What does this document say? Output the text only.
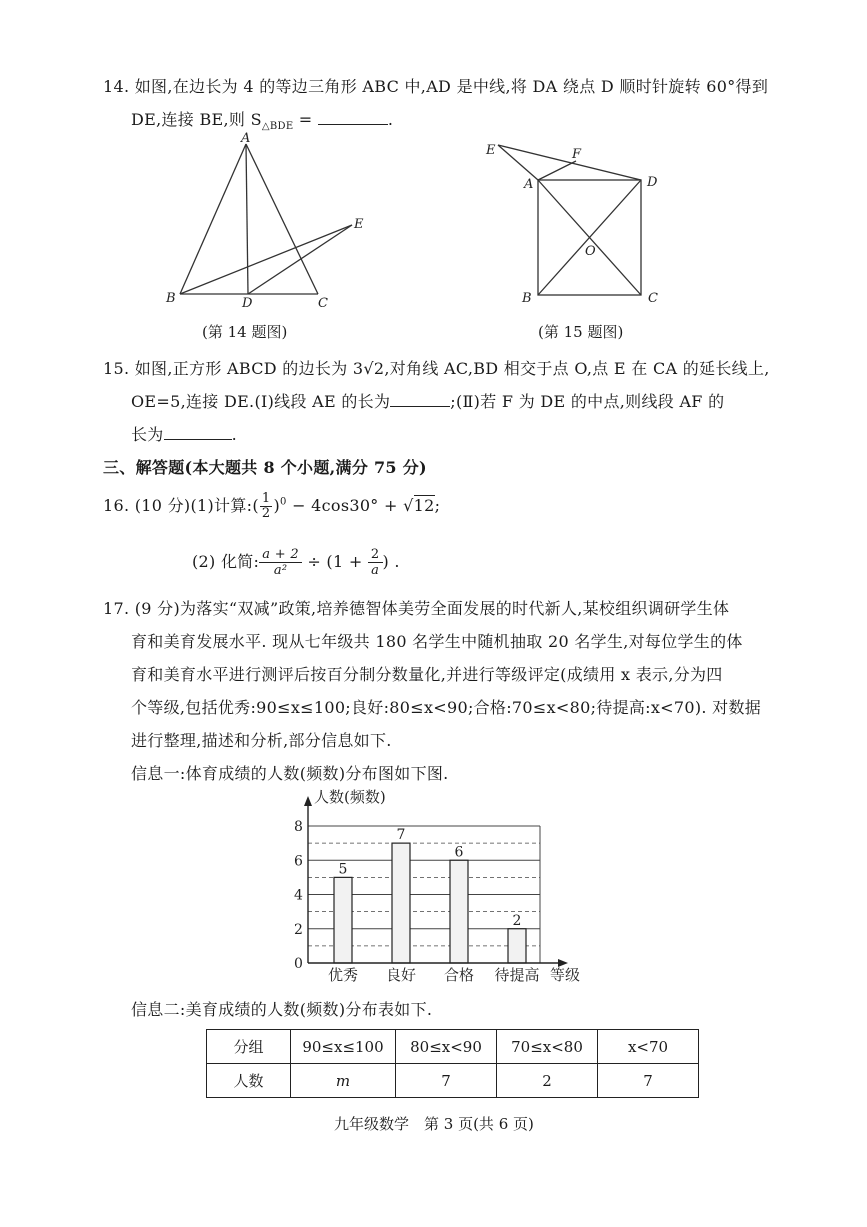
14. 如图,在边长为 4 的等边三角形 ABC 中,AD 是中线,将 DA 绕点 D 顺时针旋转 60°得到
DE,连接 BE,则 $S_{\triangle BDE}$ =	.
A
B	D	C
E
(第 14 题图)
E	F
A	D
O
B	C
(第 15 题图)
15. 如图,正方形 ABCD 的边长为 3√2,对角线 AC,BD 相交于点 O,点 E 在 CA 的延长线上,
OE=5,连接 DE.(Ⅰ)线段 AE 的长为	;(Ⅱ)若 F 为 DE 的中点,则线段 AF 的
长为	.
三、解答题(本大题共 8 个小题,满分 75 分)
16. (10 分)(1)计算:( $\frac{1}{2} )^0 - 4\cos 30^\circ + √12$;
(2) 化简: $\frac{a + 2}{\text{a²}} \div (1 + \frac{2}{a}$ ) .
17. (9 分)为落实“双减”政策,培养德智体美劳全面发展的时代新人,某校组织调研学生体
育和美育发展水平. 现从七年级共 180 名学生中随机抽取 20 名学生,对每位学生的体
育和美育水平进行测评后按百分制分数量化,并进行等级评定(成绩用 x 表示,分为四
个等级,包括优秀:90≤x≤100;良好:80≤x<90;合格:70≤x<80;待提高:x<70). 对数据
进行整理,描述和分析,部分信息如下.
信息一:体育成绩的人数(频数)分布图如下图.
人数(频数)
等级
5
优秀
7
良好
6
合格
2
待提高
0
2
4
6
8
信息二:美育成绩的人数(频数)分布表如下.
分组	90≤x≤100	80≤x<90	70≤x<80	x<70
人数	m	7	2	7
九年级数学　第 3 页(共 6 页)
